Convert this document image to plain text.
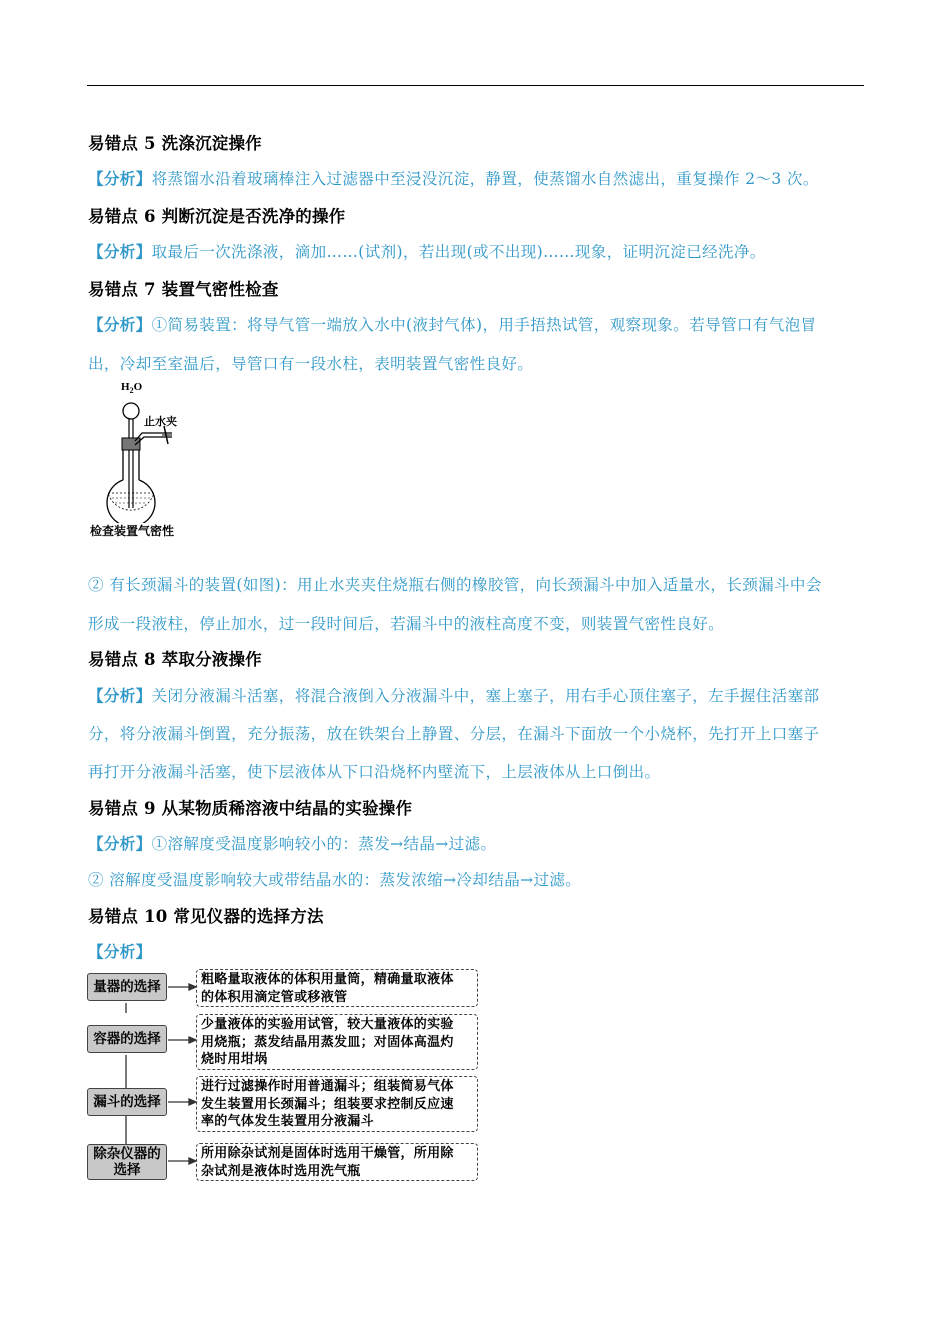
易错点 5 洗涤沉淀操作
【分析】将蒸馏水沿着玻璃棒注入过滤器中至浸没沉淀，静置，使蒸馏水自然滤出，重复操作 2～3 次。
易错点 6 判断沉淀是否洗净的操作
【分析】取最后一次洗涤液，滴加……(试剂)，若出现(或不出现)……现象，证明沉淀已经洗净。
易错点 7 装置气密性检查
【分析】①简易装置：将导气管一端放入水中(液封气体)，用手捂热试管，观察现象。若导管口有气泡冒
出，冷却至室温后，导管口有一段水柱，表明装置气密性良好。
$H_2O$
止水夹
检查装置气密性
② 有长颈漏斗的装置(如图)：用止水夹夹住烧瓶右侧的橡胶管，向长颈漏斗中加入适量水，长颈漏斗中会
形成一段液柱，停止加水，过一段时间后，若漏斗中的液柱高度不变，则装置气密性良好。
易错点 8 萃取分液操作
【分析】关闭分液漏斗活塞，将混合液倒入分液漏斗中，塞上塞子，用右手心顶住塞子，左手握住活塞部
分，将分液漏斗倒置，充分振荡，放在铁架台上静置、分层，在漏斗下面放一个小烧杯，先打开上口塞子
再打开分液漏斗活塞，使下层液体从下口沿烧杯内壁流下，上层液体从上口倒出。
易错点 9 从某物质稀溶液中结晶的实验操作
【分析】①溶解度受温度影响较小的：蒸发→结晶→过滤。
② 溶解度受温度影响较大或带结晶水的：蒸发浓缩→冷却结晶→过滤。
易错点 10 常见仪器的选择方法
【分析】
量器的选择	粗略量取液体的体积用量筒，精确量取液体
的体积用滴定管或移液管
容器的选择
少量液体的实验用试管，较大量液体的实验
用烧瓶；蒸发结晶用蒸发皿；对固体高温灼
烧时用坩埚
漏斗的选择
进行过滤操作时用普通漏斗；组装简易气体
发生装置用长颈漏斗；组装要求控制反应速
率的气体发生装置用分液漏斗
除杂仪器的
选择
所用除杂试剂是固体时选用干燥管，所用除
杂试剂是液体时选用洗气瓶
